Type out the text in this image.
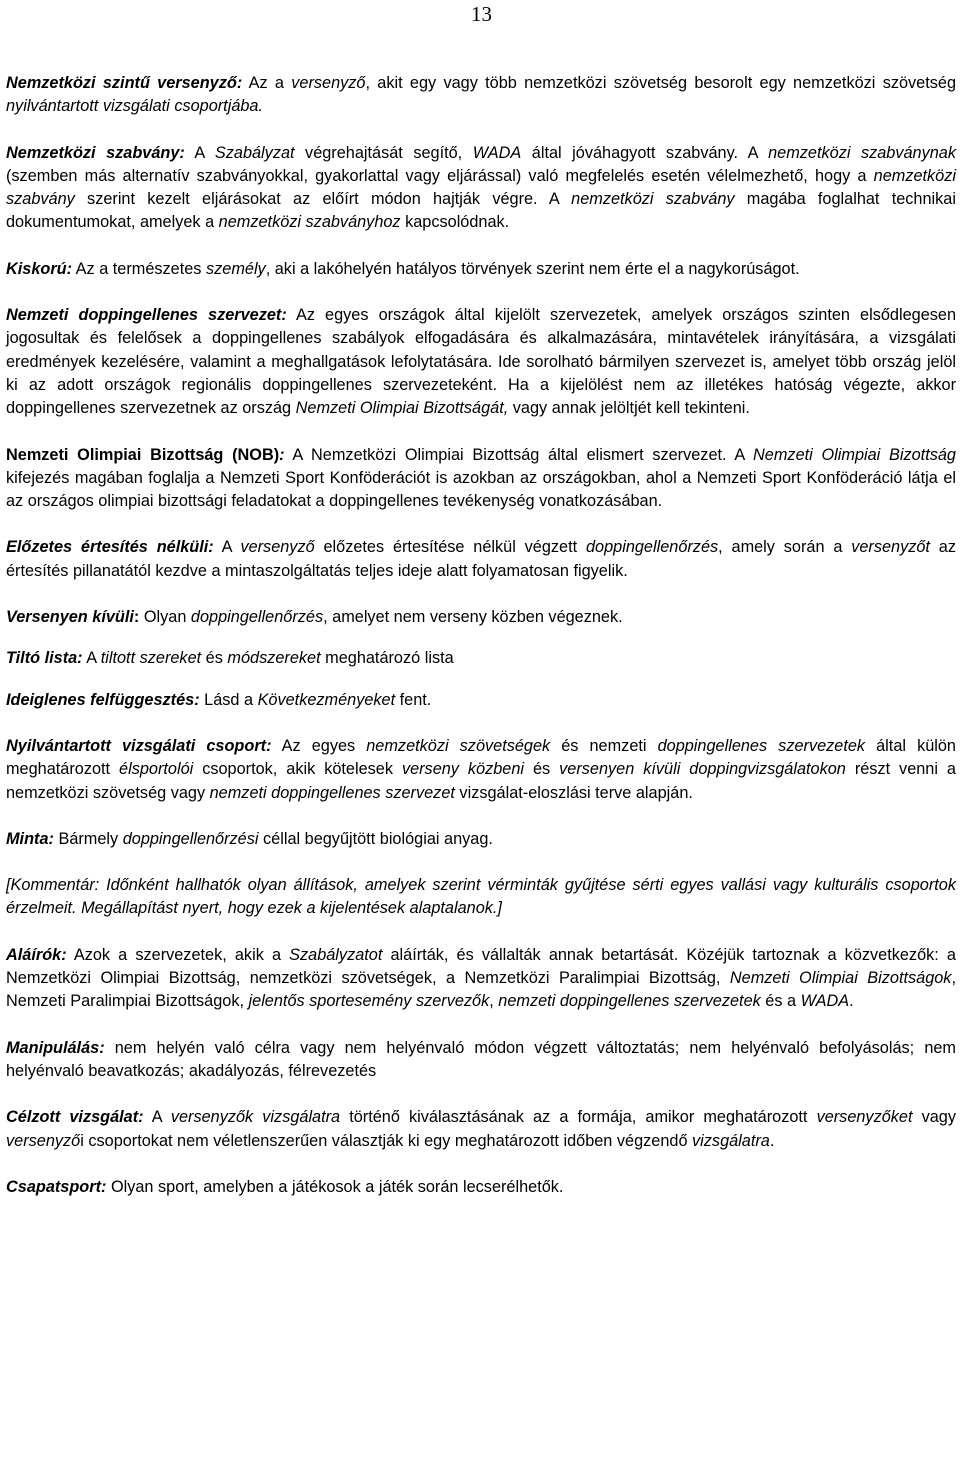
13

Nemzetközi szintű versenyző: Az a versenyző, akit egy vagy több nemzetközi szövetség besorolt egy nemzetközi szövetség nyilvántartott vizsgálati csoportjába.

Nemzetközi szabvány: A Szabályzat végrehajtását segítő, WADA által jóváhagyott szabvány. A nemzetközi szabványnak (szemben más alternatív szabványokkal, gyakorlattal vagy eljárással) való megfelelés esetén vélelmezhető, hogy a nemzetközi szabvány szerint kezelt eljárásokat az előírt módon hajtják végre. A nemzetközi szabvány magába foglalhat technikai dokumentumokat, amelyek a nemzetközi szabványhoz kapcsolódnak.

Kiskorú: Az a természetes személy, aki a lakóhelyén hatályos törvények szerint nem érte el a nagykorúságot.

Nemzeti doppingellenes szervezet: Az egyes országok által kijelölt szervezetek, amelyek országos szinten elsődlegesen jogosultak és felelősek a doppingellenes szabályok elfogadására és alkalmazására, mintavételek irányítására, a vizsgálati eredmények kezelésére, valamint a meghallgatások lefolytatására. Ide sorolható bármilyen szervezet is, amelyet több ország jelöl ki az adott országok regionális doppingellenes szervezeteként. Ha a kijelölést nem az illetékes hatóság végezte, akkor doppingellenes szervezetnek az ország Nemzeti Olimpiai Bizottságát, vagy annak jelöltjét kell tekinteni.

Nemzeti Olimpiai Bizottság (NOB): A Nemzetközi Olimpiai Bizottság által elismert szervezet. A Nemzeti Olimpiai Bizottság kifejezés magában foglalja a Nemzeti Sport Konföderációt is azokban az országokban, ahol a Nemzeti Sport Konföderáció látja el az országos olimpiai bizottsági feladatokat a doppingellenes tevékenység vonatkozásában.

Előzetes értesítés nélküli: A versenyző előzetes értesítése nélkül végzett doppingellenőrzés, amely során a versenyzőt az értesítés pillanatától kezdve a mintaszolgáltatás teljes ideje alatt folyamatosan figyelik.

Versenyen kívüli: Olyan doppingellenőrzés, amelyet nem verseny közben végeznek.

Tiltó lista: A tiltott szereket és módszereket meghatározó lista

Ideiglenes felfüggesztés: Lásd a Következményeket fent.

Nyilvántartott vizsgálati csoport: Az egyes nemzetközi szövetségek és nemzeti doppingellenes szervezetek által külön meghatározott élsportolói csoportok, akik kötelesek verseny közbeni és versenyen kívüli doppingvizsgálatokon részt venni a nemzetközi szövetség vagy nemzeti doppingellenes szervezet vizsgálat-eloszlási terve alapján.

Minta: Bármely doppingellenőrzési céllal begyűjtött biológiai anyag.

[Kommentár: Időnként hallhatók olyan állítások, amelyek szerint vérminták gyűjtése sérti egyes vallási vagy kulturális csoportok érzelmeit. Megállapítást nyert, hogy ezek a kijelentések alaptalanok.]

Aláírók: Azok a szervezetek, akik a Szabályzatot aláírták, és vállalták annak betartását. Közéjük tartoznak a közvetkezők: a Nemzetközi Olimpiai Bizottság, nemzetközi szövetségek, a Nemzetközi Paralimpiai Bizottság, Nemzeti Olimpiai Bizottságok, Nemzeti Paralimpiai Bizottságok, jelentős sportesemény szervezők, nemzeti doppingellenes szervezetek és a WADA.

Manipulálás: nem helyén való célra vagy nem helyénvaló módon végzett változtatás; nem helyénvaló befolyásolás; nem helyénvaló beavatkozás; akadályozás, félrevezetés

Célzott vizsgálat: A versenyzők vizsgálatra történő kiválasztásának az a formája, amikor meghatározott versenyzőket vagy versenyzői csoportokat nem véletlenszerűen választják ki egy meghatározott időben végzendő vizsgálatra.

Csapatsport: Olyan sport, amelyben a játékosok a játék során lecserélhetők.
